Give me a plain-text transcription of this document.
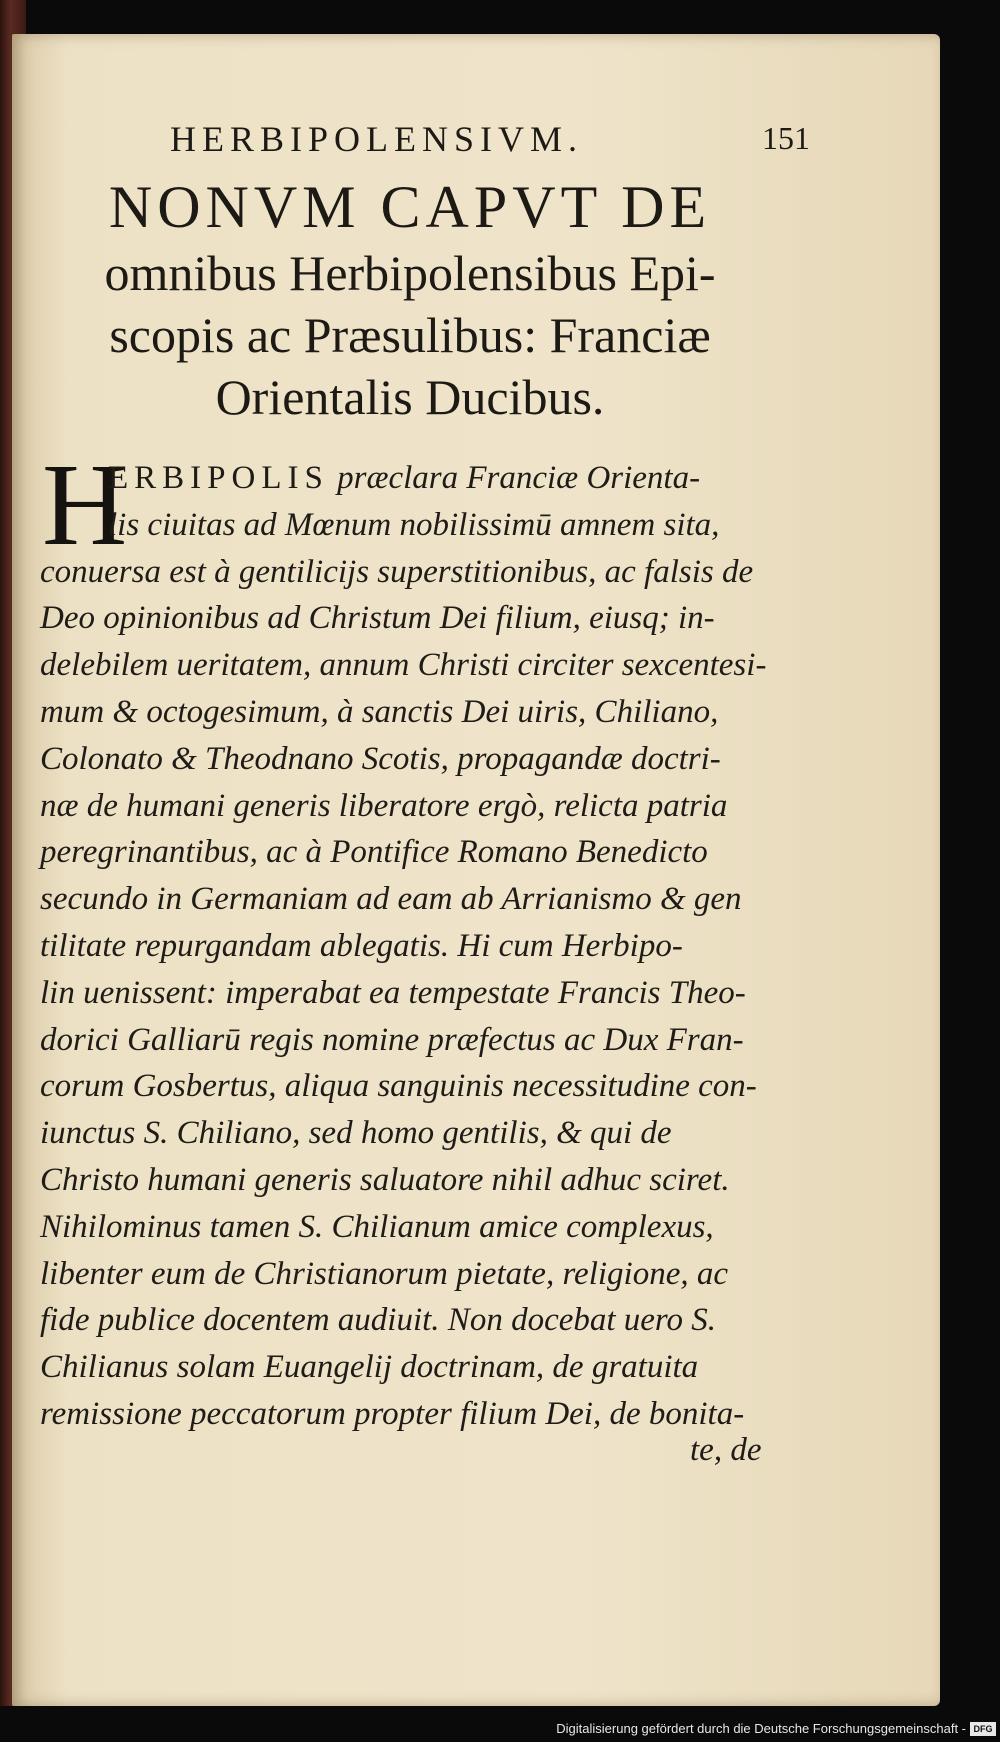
HERBIPOLENSIVM.	151
NONVM CAPVT DE
omnibus Herbipolensibus Epi-
scopis ac Præsulibus: Franciæ
Orientalis Ducibus.
H
ERBIPOLIS præclara Franciæ Orienta-
lis ciuitas ad Mœnum nobilissimū amnem sita,
conuersa est à gentilicijs superstitionibus, ac falsis de
Deo opinionibus ad Christum Dei filium, eiusq; in-
delebilem ueritatem, annum Christi circiter sexcentesi-
mum & octogesimum, à sanctis Dei uiris, Chiliano,
Colonato & Theodnano Scotis, propagandæ doctri-
næ de humani generis liberatore ergò, relicta patria
peregrinantibus, ac à Pontifice Romano Benedicto
secundo in Germaniam ad eam ab Arrianismo & gen
tilitate repurgandam ablegatis. Hi cum Herbipo-
lin uenissent: imperabat ea tempestate Francis Theo-
dorici Galliarū regis nomine præfectus ac Dux Fran-
corum Gosbertus, aliqua sanguinis necessitudine con-
iunctus S. Chiliano, sed homo gentilis, & qui de
Christo humani generis saluatore nihil adhuc sciret.
Nihilominus tamen S. Chilianum amice complexus,
libenter eum de Christianorum pietate, religione, ac
fide publice docentem audiuit. Non docebat uero S.
Chilianus solam Euangelij doctrinam, de gratuita
remissione peccatorum propter filium Dei, de bonita-
te, de
Digitalisierung gefördert durch die Deutsche Forschungsgemeinschaft - DFG
